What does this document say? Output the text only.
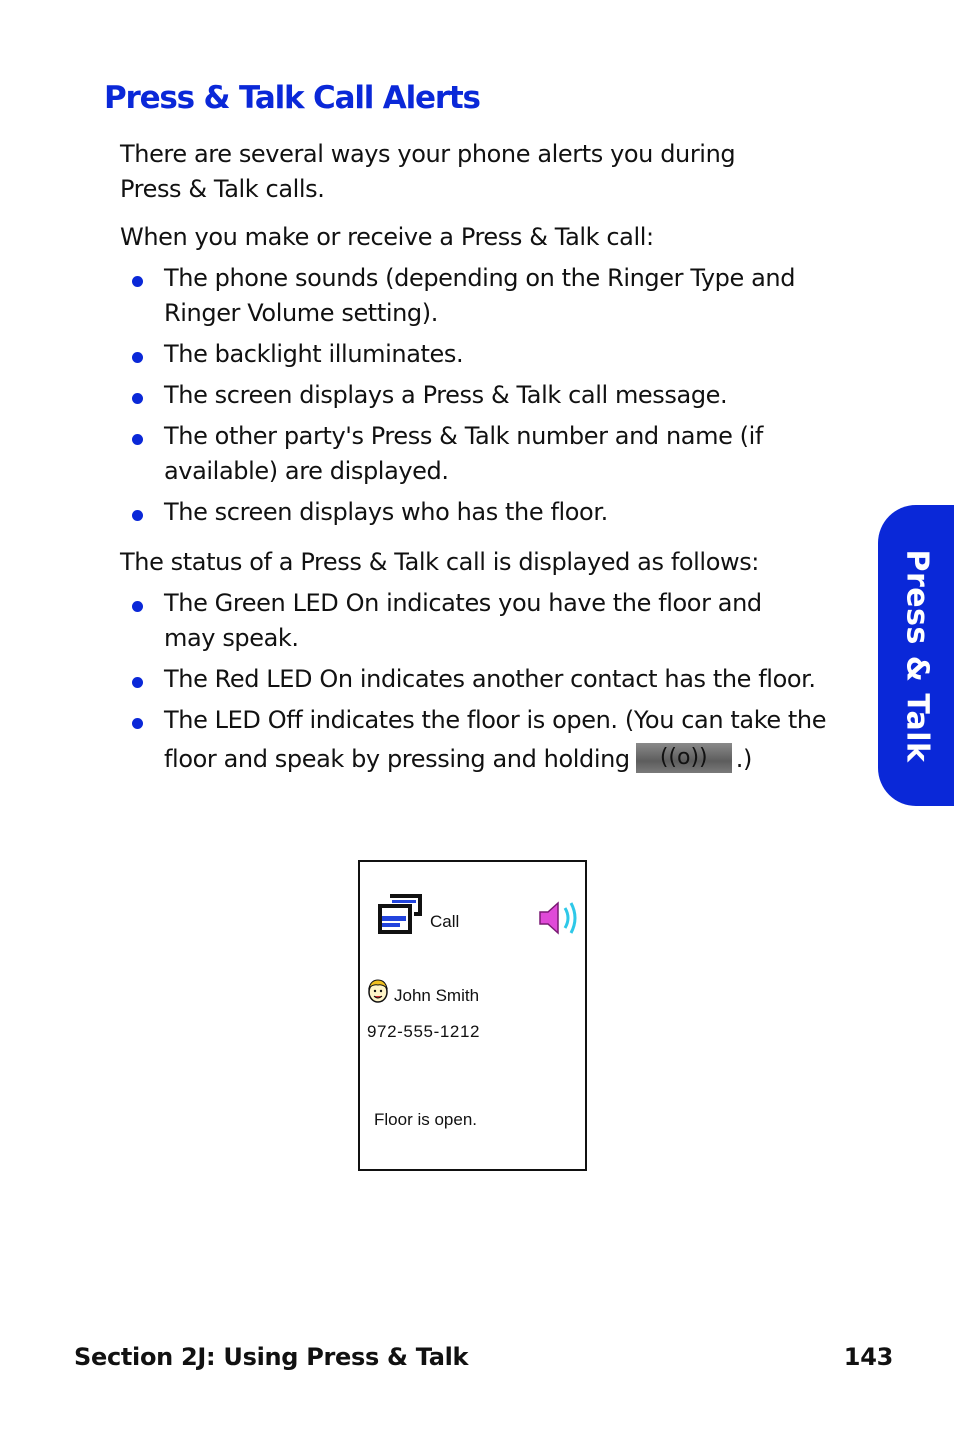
Press & Talk Call Alerts
There are several ways your phone alerts you during
Press & Talk calls.
When you make or receive a Press & Talk call:
The phone sounds (depending on the Ringer Type and
Ringer Volume setting).
The backlight illuminates.
The screen displays a Press & Talk call message.
The other party's Press & Talk number and name (if
available) are displayed.
The screen displays who has the floor.
The status of a Press & Talk call is displayed as follows:
The Green LED On indicates you have the floor and
may speak.
The Red LED On indicates another contact has the floor.
The LED Off indicates the floor is open. (You can take the
floor and speak by pressing and holding ((o)) .)	Press & Talk
Call
John Smith
972-555-1212
Floor is open.
Section 2J: Using Press & Talk	143
